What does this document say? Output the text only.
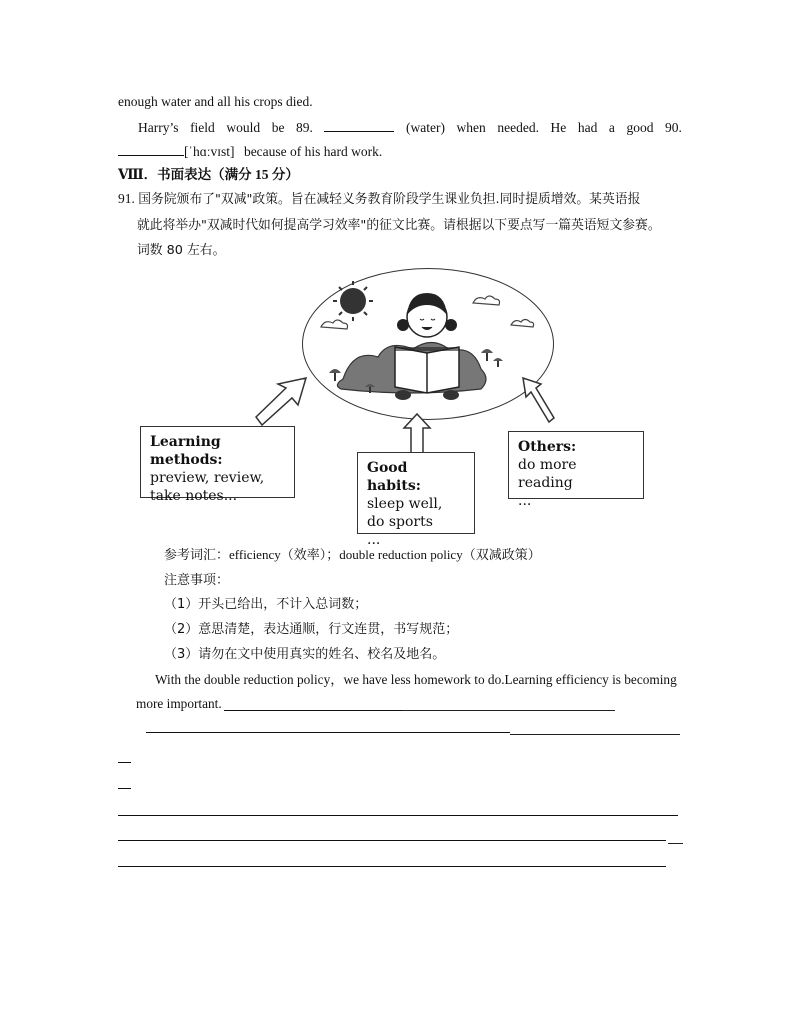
enough water and all his crops died.
Harry’s field would be 89.	(water) when needed. He had a good 90.
[ˈhɑːvɪst] because of his hard work.
Ⅷ．书面表达（满分 15 分）
91. 国务院颁布了"双减"政策。旨在减轻义务教育阶段学生课业负担.同时提质增效。某英语报
就此将举办"双减时代如何提高学习效率"的征文比赛。请根据以下要点写一篇英语短文参赛。
词数 80 左右。
Learning methods:
preview, review,
take notes...
Good habits:
sleep well,
do sports
...
Others:
do more reading
...
参考词汇：efficiency（效率）；double reduction policy（双减政策）
注意事项：
（1）开头已给出，不计入总词数；
（2）意思清楚，表达通顺，行文连贯，书写规范；
（3）请勿在文中使用真实的姓名、校名及地名。
With the double reduction policy，we have less homework to do.Learning efficiency is becoming
more important.
